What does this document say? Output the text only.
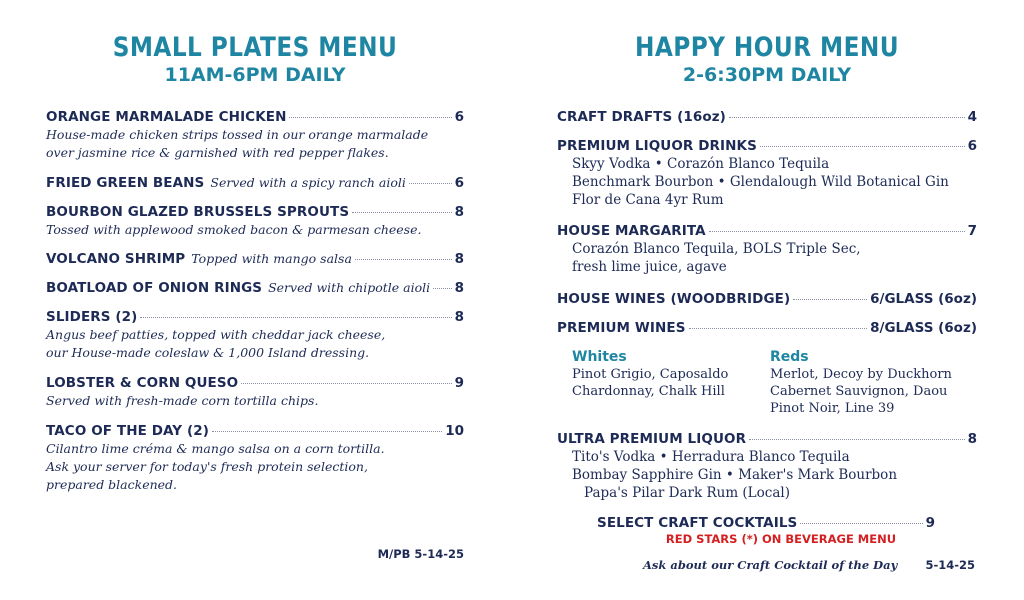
SMALL PLATES MENU
11AM-6PM DAILY
ORANGE MARMALADE CHICKEN	6

House-made chicken strips tossed in our orange marmalade

over jasmine rice & garnished with red pepper flakes.

FRIED GREEN BEANS Served with a spicy ranch aioli	6
BOURBON GLAZED BRUSSELS SPROUTS	8

Tossed with applewood smoked bacon & parmesan cheese.

VOLCANO SHRIMP Topped with mango salsa	8
BOATLOAD OF ONION RINGS Served with chipotle aioli 8
SLIDERS (2)	8

Angus beef patties, topped with cheddar jack cheese,

our House-made coleslaw & 1,000 Island dressing.

LOBSTER & CORN QUESO	9

Served with fresh-made corn tortilla chips.

TACO OF THE DAY (2)	10

Cilantro lime créma & mango salsa on a corn tortilla.

Ask your server for today's fresh protein selection,

prepared blackened.

M/PB 5-14-25
HAPPY HOUR MENU
2-6:30PM DAILY
CRAFT DRAFTS (16oz)	4
PREMIUM LIQUOR DRINKS	6

Skyy Vodka • Corazón Blanco Tequila

Benchmark Bourbon • Glendalough Wild Botanical Gin

Flor de Cana 4yr Rum

HOUSE MARGARITA	7

Corazón Blanco Tequila, BOLS Triple Sec,

fresh lime juice, agave

HOUSE WINES (WOODBRIDGE)	6/GLASS (6oz)
PREMIUM WINES	8/GLASS (6oz)
Whites
Pinot Grigio, Caposaldo
Chardonnay, Chalk Hill
Reds
Merlot, Decoy by Duckhorn
Cabernet Sauvignon, Daou
Pinot Noir, Line 39
ULTRA PREMIUM LIQUOR	8

Tito's Vodka • Herradura Blanco Tequila

Bombay Sapphire Gin • Maker's Mark Bourbon

Papa's Pilar Dark Rum (Local)

SELECT CRAFT COCKTAILS	9
RED STARS (*) ON BEVERAGE MENU
Ask about our Craft Cocktail of the Day 5-14-25
